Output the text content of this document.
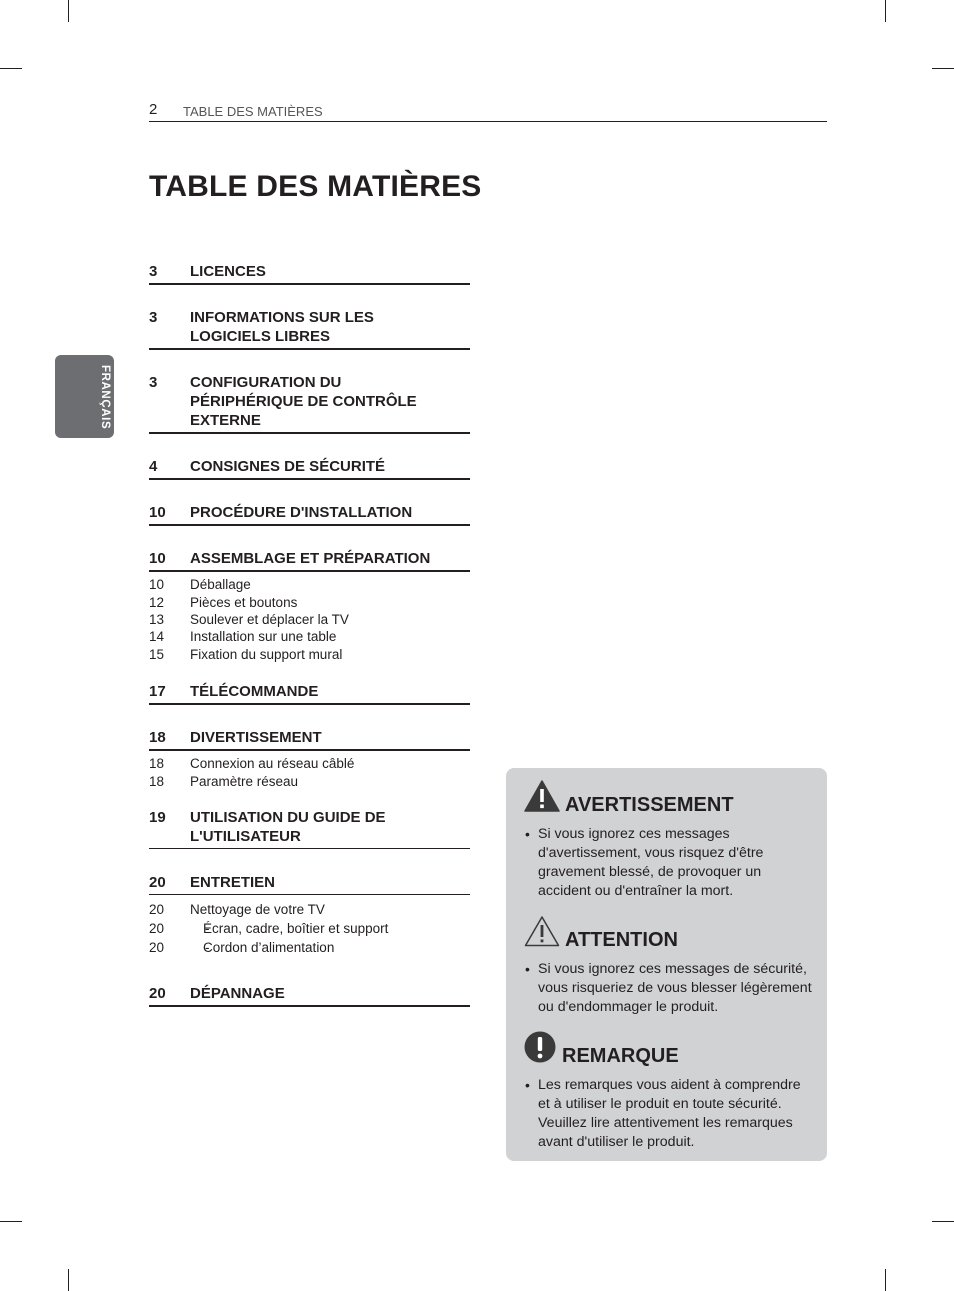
2 TABLE DES MATIÈRES
TABLE DES MATIÈRES
FRANÇAIS
3 LICENCES
3 INFORMATIONS SUR LES LOGICIELS LIBRES
3 CONFIGURATION DU PÉRIPHÉRIQUE DE CONTRÔLE EXTERNE
4 CONSIGNES DE SÉCURITÉ
10 PROCÉDURE D'INSTALLATION
10 ASSEMBLAGE ET PRÉPARATION
10 Déballage
12 Pièces et boutons
13 Soulever et déplacer la TV
14 Installation sur une table
15 Fixation du support mural
17 TÉLÉCOMMANDE
18 DIVERTISSEMENT
18 Connexion au réseau câblé
18 Paramètre réseau
19 UTILISATION DU GUIDE DE L'UTILISATEUR
20 ENTRETIEN
20 Nettoyage de votre TV
20	- Écran, cadre, boîtier et support
20	- Cordon d’alimentation
20 DÉPANNAGE
AVERTISSEMENT
• Si vous ignorez ces messages d'avertissement, vous risquez d'être gravement blessé, de provoquer un accident ou d'entraîner la mort.
ATTENTION
• Si vous ignorez ces messages de sécurité, vous risqueriez de vous blesser légèrement ou d'endommager le produit.
REMARQUE
• Les remarques vous aident à comprendre et à utiliser le produit en toute sécurité. Veuillez lire attentivement les remarques avant d'utiliser le produit.
